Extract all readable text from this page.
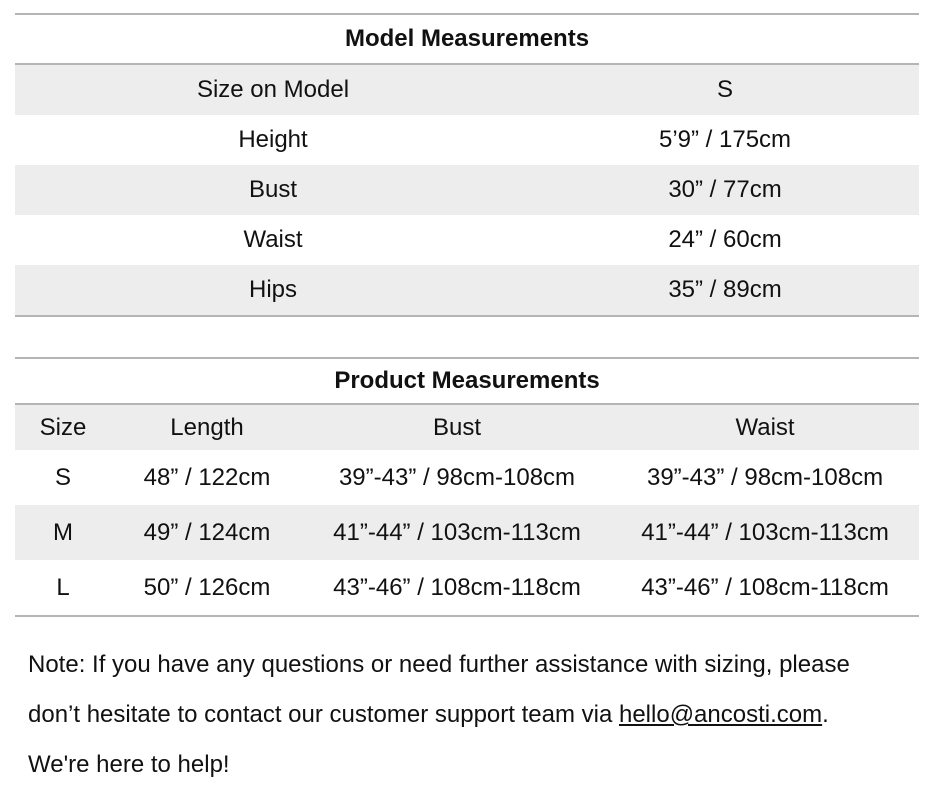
Model Measurements	
Size on Model	S
Height	5’9” / 175cm
Bust	30” / 77cm
Waist	24” / 60cm
Hips	35” / 89cm
Product Measurements			
Size	Length	Bust	Waist
S	48” / 122cm	39”-43” / 98cm-108cm	39”-43” / 98cm-108cm
M	49” / 124cm	41”-44” / 103cm-113cm	41”-44” / 103cm-113cm
L	50” / 126cm	43”-46” / 108cm-118cm	43”-46” / 108cm-118cm
Note: If you have any questions or need further assistance with sizing, please
don’t hesitate to contact our customer support team via hello@ancosti.com.
We're here to help!
